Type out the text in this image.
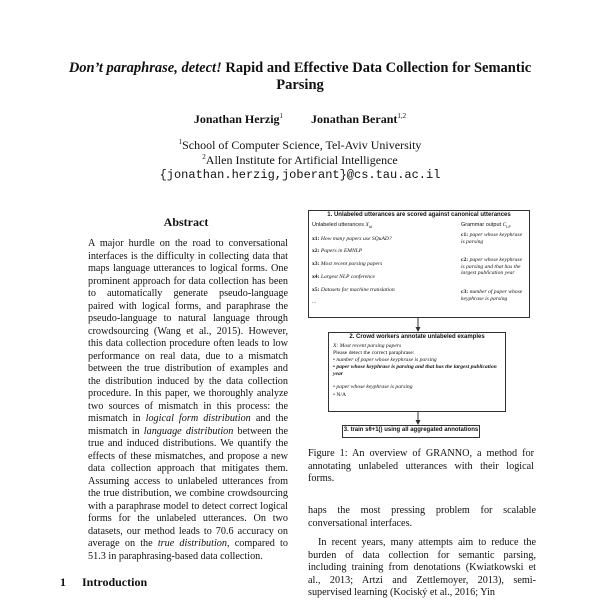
Don’t paraphrase, detect! Rapid and Effective Data Collection for Semantic Parsing
Jonathan Herzig$^1$ Jonathan Berant$^{1,2}$
$^1$School of Computer Science, Tel-Aviv University
$^2$Allen Institute for Artificial Intelligence
{jonathan.herzig,joberant}@cs.tau.ac.il
Abstract
A major hurdle on the road to conversational interfaces is the difficulty in collecting data that maps language utterances to logical forms. One prominent approach for data collection has been to automatically generate pseudo-language paired with logical forms, and paraphrase the pseudo-language to natural language through crowdsourcing (Wang et al., 2015). However, this data collection procedure often leads to low performance on real data, due to a mismatch between the true distribution of examples and the distribution induced by the data collection procedure. In this paper, we thoroughly analyze two sources of mismatch in this process: the mismatch in logical form distribution and the mismatch in language distribution between the true and induced distributions. We quantify the effects of these mismatches, and propose a new data collection approach that mitigates them. Assuming access to unlabeled utterances from the true distribution, we combine crowdsourcing with a paraphrase model to detect correct logical forms for the unlabeled utterances. On two datasets, our method leads to 70.6 accuracy on average on the true distribution, compared to 51.3 in paraphrasing-based data collection.
1 Introduction
1. Unlabeled utterances are scored against canonical utterances
Unlabeled utterances $X_{ul}$	Grammar output $C_{LF}$
x1: How many papers use SQuAD?
x2: Papers in EMNLP
x3: Most recent parsing papers
x4: Largest NLP conference
x5: Datasets for machine translation
...
c1: paper whose keyphrase is parsing
c2: paper whose keyphrase is parsing and that has the largest publication year
c3: number of paper whose keyphrase is parsing
2. Crowd workers annotate unlabeled examples
X: Most recent parsing papers
Please detect the correct paraphrase:
• number of paper whose keyphrase is parsing
• paper whose keyphrase is parsing and that has the largest publication year
• paper whose keyphrase is parsing
• N/A
3. train sθ+1() using all aggregated annotations
Figure 1: An overview of GRANNO, a method for annotating unlabeled utterances with their logical forms.

haps the most pressing problem for scalable conversational interfaces.

In recent years, many attempts aim to reduce the burden of data collection for semantic parsing, including training from denotations (Kwiatkowski et al., 2013; Artzi and Zettlemoyer, 2013), semi-supervised learning (Kociský et al., 2016; Yin
